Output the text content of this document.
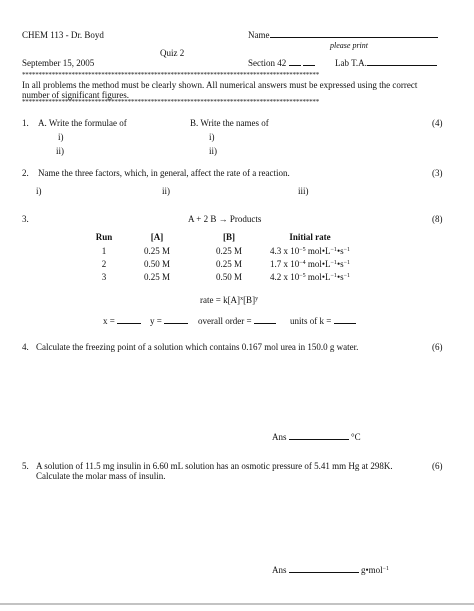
CHEM 113 - Dr. Boyd	Name
please print
Quiz 2
September 15, 2005	Section 42	Lab T.A.
******************************************************************************************
In all problems the method must be clearly shown. All numerical answers must be expressed using the correct
number of significant figures.
******************************************************************************************
1. A. Write the formulae of
i)
ii)
B. Write the names of
i)
ii)
(4)
2. Name the three factors, which, in general, affect the rate of a reaction.	(3)
i)	ii)	iii)
3.	A + 2 B → Products	(8)
Run	[A]	[B]	Initial rate
1	0.25 M	0.25 M	4.3 x $10^{-5}$ $mol•L^{-1}•s^{-1}$
2	0.50 M	0.25 M	1.7 x $10^{-4}$ $mol•L^{-1}•s^{-1}$
3	0.25 M	0.50 M	4.2 x $10^{-5}$ $mol•L^{-1}•s^{-1}$
rate = $k[A]^x[B]^y$
x =	y =	overall order =	units of k =
4. Calculate the freezing point of a solution which contains 0.167 mol urea in 150.0 g water.	(6)
Ans	°C
5. A solution of 11.5 mg insulin in 6.60 mL solution has an osmotic pressure of 5.41 mm Hg at 298K.
Calculate the molar mass of insulin.
(6)
Ans	g•mol$^{-1}$
